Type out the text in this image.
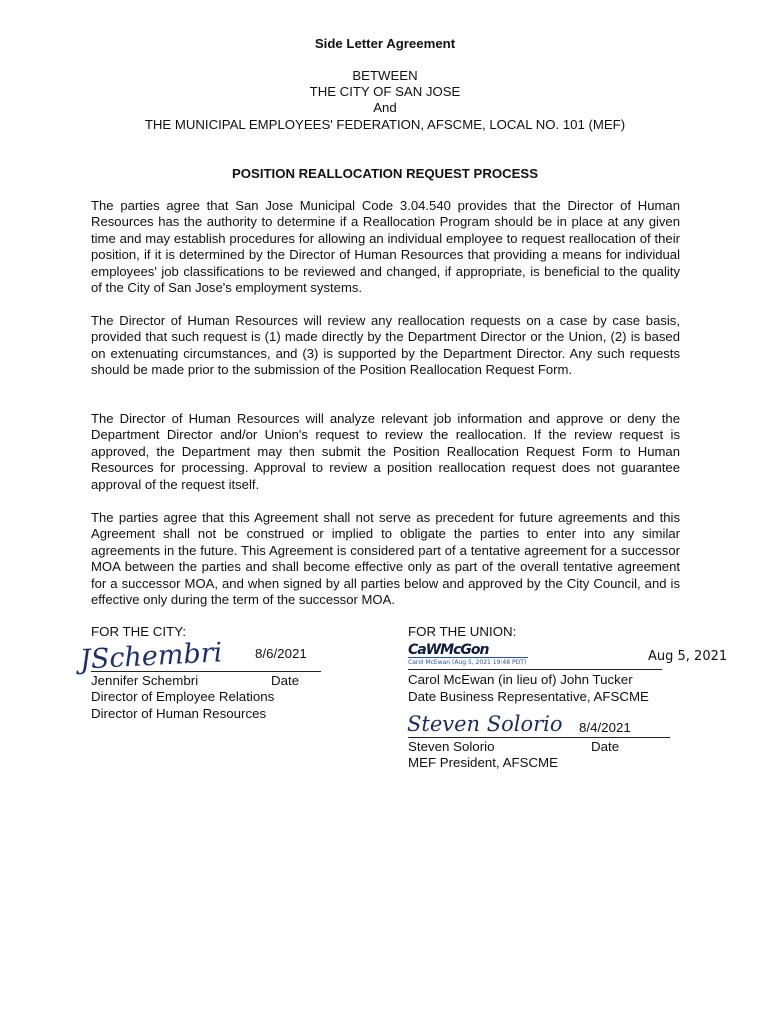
Side Letter Agreement
BETWEEN
THE CITY OF SAN JOSE
And
THE MUNICIPAL EMPLOYEES' FEDERATION, AFSCME, LOCAL NO. 101 (MEF)
POSITION REALLOCATION REQUEST PROCESS
The parties agree that San Jose Municipal Code 3.04.540 provides that the Director of Human Resources has the authority to determine if a Reallocation Program should be in place at any given time and may establish procedures for allowing an individual employee to request reallocation of their position, if it is determined by the Director of Human Resources that providing a means for individual employees' job classifications to be reviewed and changed, if appropriate, is beneficial to the quality of the City of San Jose's employment systems.
The Director of Human Resources will review any reallocation requests on a case by case basis, provided that such request is (1) made directly by the Department Director or the Union, (2) is based on extenuating circumstances, and (3) is supported by the Department Director. Any such requests should be made prior to the submission of the Position Reallocation Request Form.
The Director of Human Resources will analyze relevant job information and approve or deny the Department Director and/or Union's request to review the reallocation. If the review request is approved, the Department may then submit the Position Reallocation Request Form to Human Resources for processing. Approval to review a position reallocation request does not guarantee approval of the request itself.
The parties agree that this Agreement shall not serve as precedent for future agreements and this Agreement shall not be construed or implied to obligate the parties to enter into any similar agreements in the future. This Agreement is considered part of a tentative agreement for a successor MOA between the parties and shall become effective only as part of the overall tentative agreement for a successor MOA, and when signed by all parties below and approved by the City Council, and is effective only during the term of the successor MOA.
FOR THE CITY:
JSchembri 8/6/2021
Jennifer Schembri	Date
Director of Employee Relations
Director of Human Resources
FOR THE UNION:
CaWMcGon
Carol McEwan (Aug 5, 2021 19:48 PDT)	Aug 5, 2021
Carol McEwan (in lieu of) John Tucker
Date Business Representative, AFSCME
Steven Solorio 8/4/2021
Steven Solorio	Date
MEF President, AFSCME
